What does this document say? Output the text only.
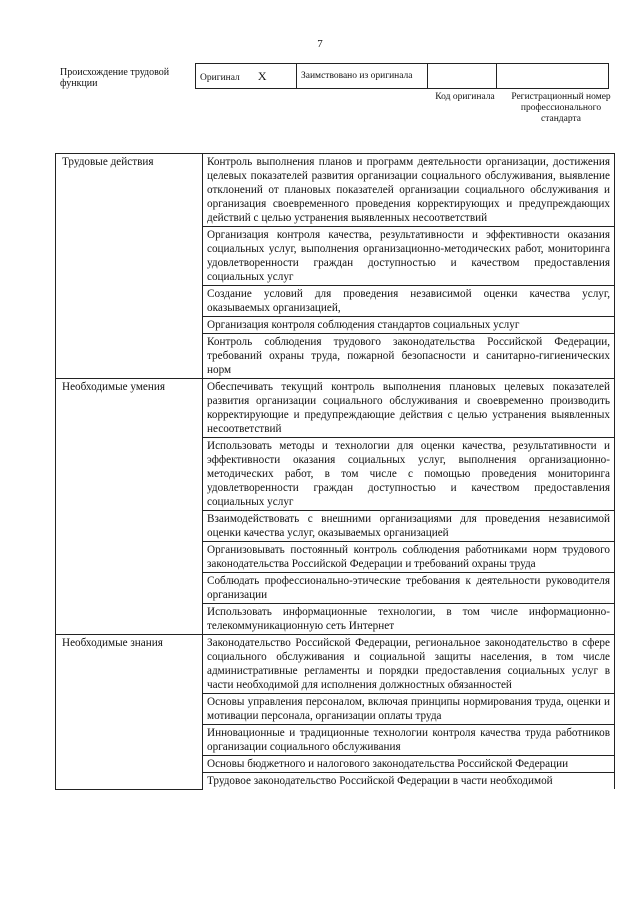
7
Происхождение трудовой функции
Оригинал X	Заимствовано из оригинала		
Код оригинала	Регистрационный номер профессионального стандарта
Трудовые действия	Контроль выполнения планов и программ деятельности организации, достижения целевых показателей развития организации социального обслуживания, выявление отклонений от плановых показателей организации социального обслуживания и организация своевременного проведения корректирующих и предупреждающих действий с целью устранения выявленных несоответствий
	Организация контроля качества, результативности и эффективности оказания социальных услуг, выполнения организационно-методических работ, мониторинга удовлетворенности граждан доступностью и качеством предоставления социальных услуг
	Создание условий для проведения независимой оценки качества услуг, оказываемых организацией,
	Организация контроля соблюдения стандартов социальных услуг
	Контроль соблюдения трудового законодательства Российской Федерации, требований охраны труда, пожарной безопасности и санитарно-гигиенических норм
Необходимые умения	Обеспечивать текущий контроль выполнения плановых целевых показателей развития организации социального обслуживания и своевременно производить корректирующие и предупреждающие действия с целью устранения выявленных несоответствий
	Использовать методы и технологии для оценки качества, результативности и эффективности оказания социальных услуг, выполнения организационно-методических работ, в том числе с помощью проведения мониторинга удовлетворенности граждан доступностью и качеством предоставления социальных услуг
	Взаимодействовать с внешними организациями для проведения независимой оценки качества услуг, оказываемых организацией
	Организовывать постоянный контроль соблюдения работниками норм трудового законодательства Российской Федерации и требований охраны труда
	Соблюдать профессионально-этические требования к деятельности руководителя организации
	Использовать информационные технологии, в том числе информационно-телекоммуникационную сеть Интернет
Необходимые знания	Законодательство Российской Федерации, региональное законодательство в сфере социального обслуживания и социальной защиты населения, в том числе административные регламенты и порядки предоставления социальных услуг в части необходимой для исполнения должностных обязанностей
	Основы управления персоналом, включая принципы нормирования труда, оценки и мотивации персонала, организации оплаты труда
	Инновационные и традиционные технологии контроля качества труда работников организации социального обслуживания
	Основы бюджетного и налогового законодательства Российской Федерации
	Трудовое законодательство Российской Федерации в части необходимой
